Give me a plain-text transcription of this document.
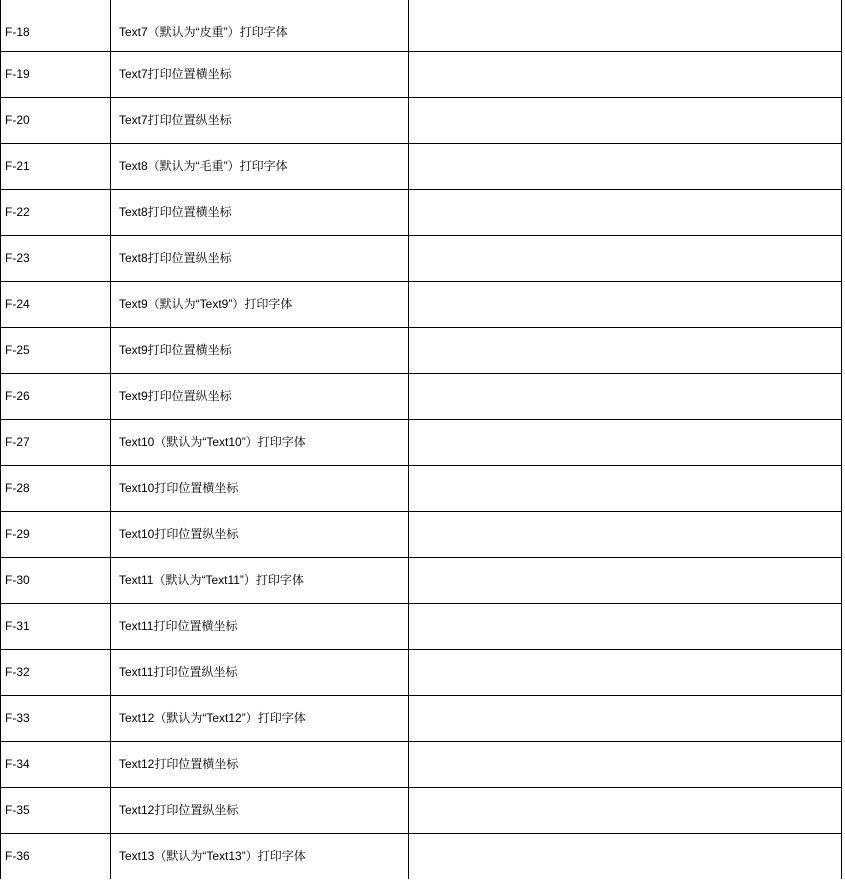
F-18	Text7（默认为“皮重”）打印字体	
F-19	Text7打印位置横坐标	
F-20	Text7打印位置纵坐标	
F-21	Text8（默认为“毛重”）打印字体	
F-22	Text8打印位置横坐标	
F-23	Text8打印位置纵坐标	
F-24	Text9（默认为“Text9”）打印字体	
F-25	Text9打印位置横坐标	
F-26	Text9打印位置纵坐标	
F-27	Text10（默认为“Text10”）打印字体	
F-28	Text10打印位置横坐标	
F-29	Text10打印位置纵坐标	
F-30	Text11（默认为“Text11”）打印字体	
F-31	Text11打印位置横坐标	
F-32	Text11打印位置纵坐标	
F-33	Text12（默认为“Text12”）打印字体	
F-34	Text12打印位置横坐标	
F-35	Text12打印位置纵坐标	
F-36	Text13（默认为“Text13”）打印字体	
